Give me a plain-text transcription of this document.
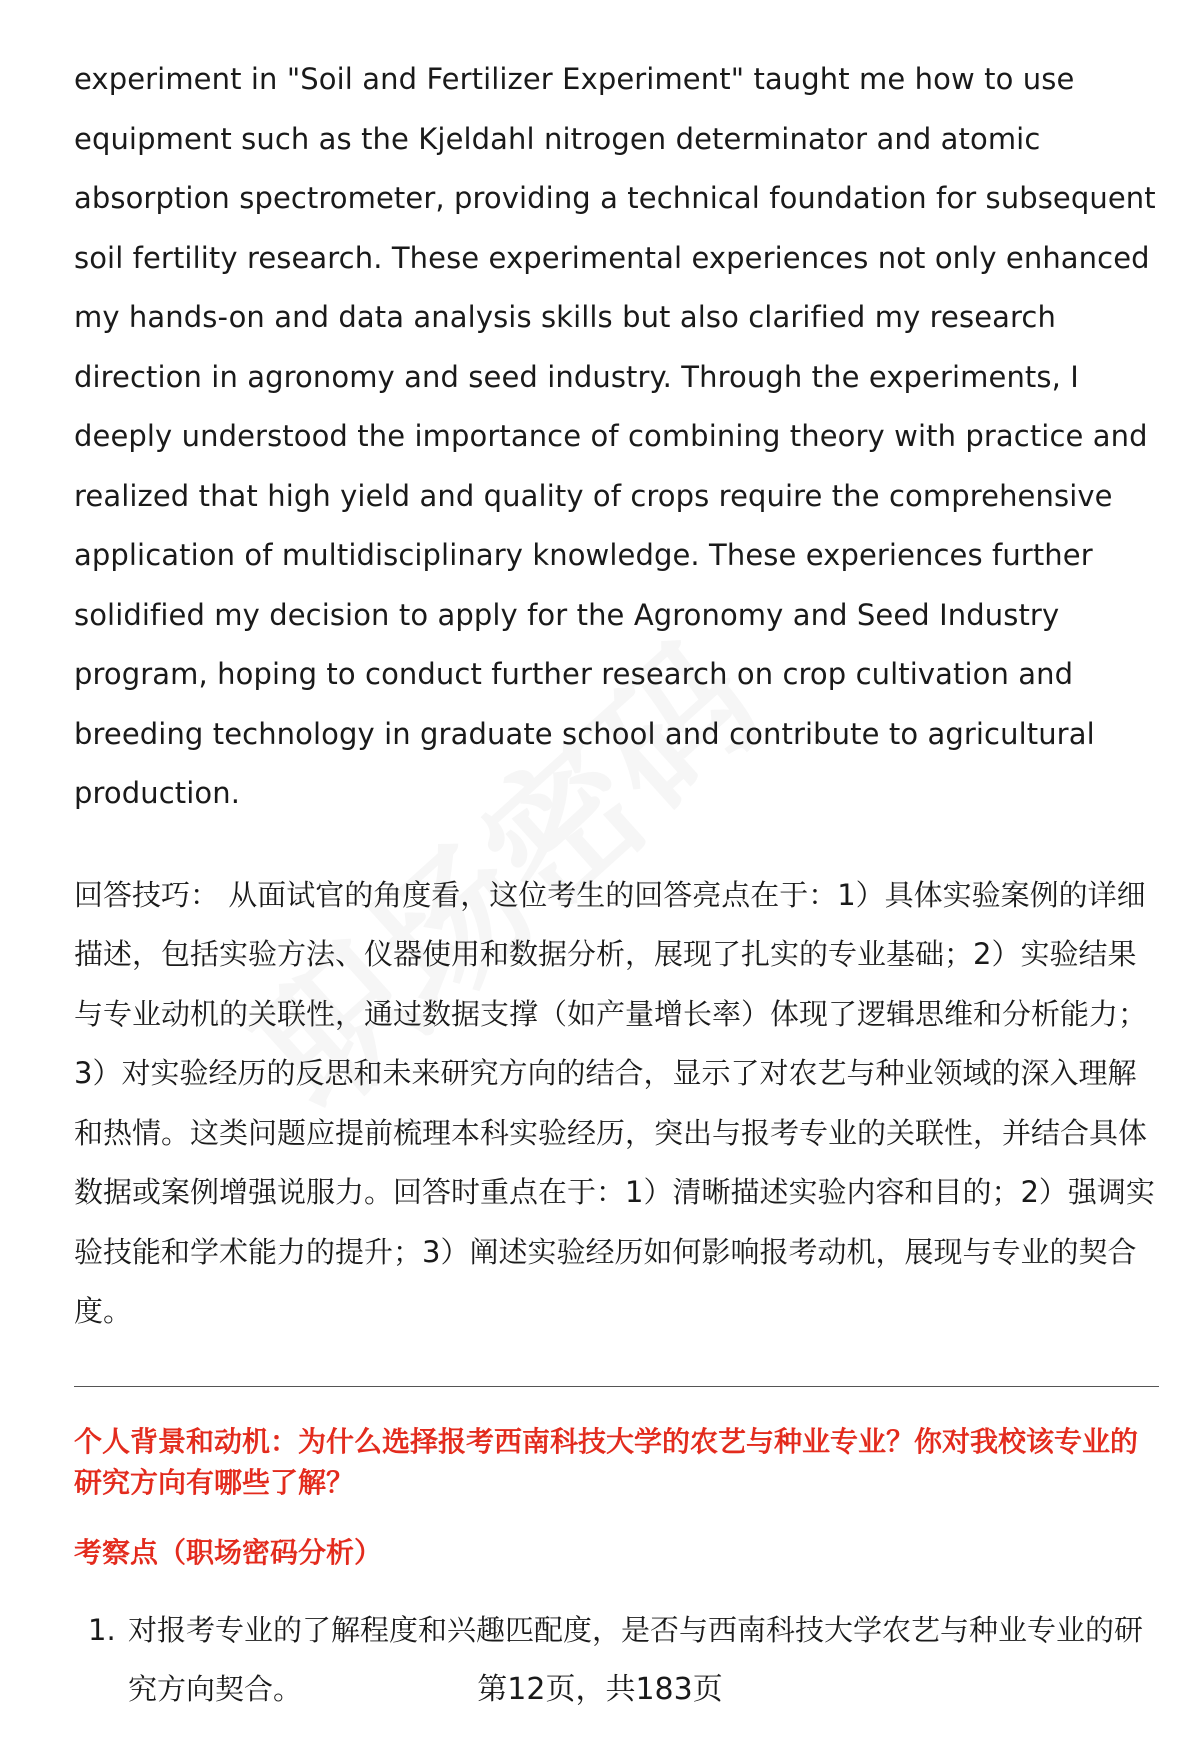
experiment in "Soil and Fertilizer Experiment" taught me how to use equipment such as the Kjeldahl nitrogen determinator and atomic absorption spectrometer, providing a technical foundation for subsequent soil fertility research. These experimental experiences not only enhanced my hands-on and data analysis skills but also clarified my research direction in agronomy and seed industry. Through the experiments, I deeply understood the importance of combining theory with practice and realized that high yield and quality of crops require the comprehensive application of multidisciplinary knowledge. These experiences further solidified my decision to apply for the Agronomy and Seed Industry program, hoping to conduct further research on crop cultivation and breeding technology in graduate school and contribute to agricultural production.

回答技巧： 从面试官的角度看，这位考生的回答亮点在于：1）具体实验案例的详细描述，包括实验方法、仪器使用和数据分析，展现了扎实的专业基础；2）实验结果与专业动机的关联性，通过数据支撑（如产量增长率）体现了逻辑思维和分析能力；3）对实验经历的反思和未来研究方向的结合，显示了对农艺与种业领域的深入理解和热情。这类问题应提前梳理本科实验经历，突出与报考专业的关联性，并结合具体数据或案例增强说服力。回答时重点在于：1）清晰描述实验内容和目的；2）强调实验技能和学术能力的提升；3）阐述实验经历如何影响报考动机，展现与专业的契合度。

个人背景和动机：为什么选择报考西南科技大学的农艺与种业专业？你对我校该专业的研究方向有哪些了解？
考察点（职场密码分析）
1. 对报考专业的了解程度和兴趣匹配度，是否与西南科技大学农艺与种业专业的研究方向契合。	第12页，共183页
